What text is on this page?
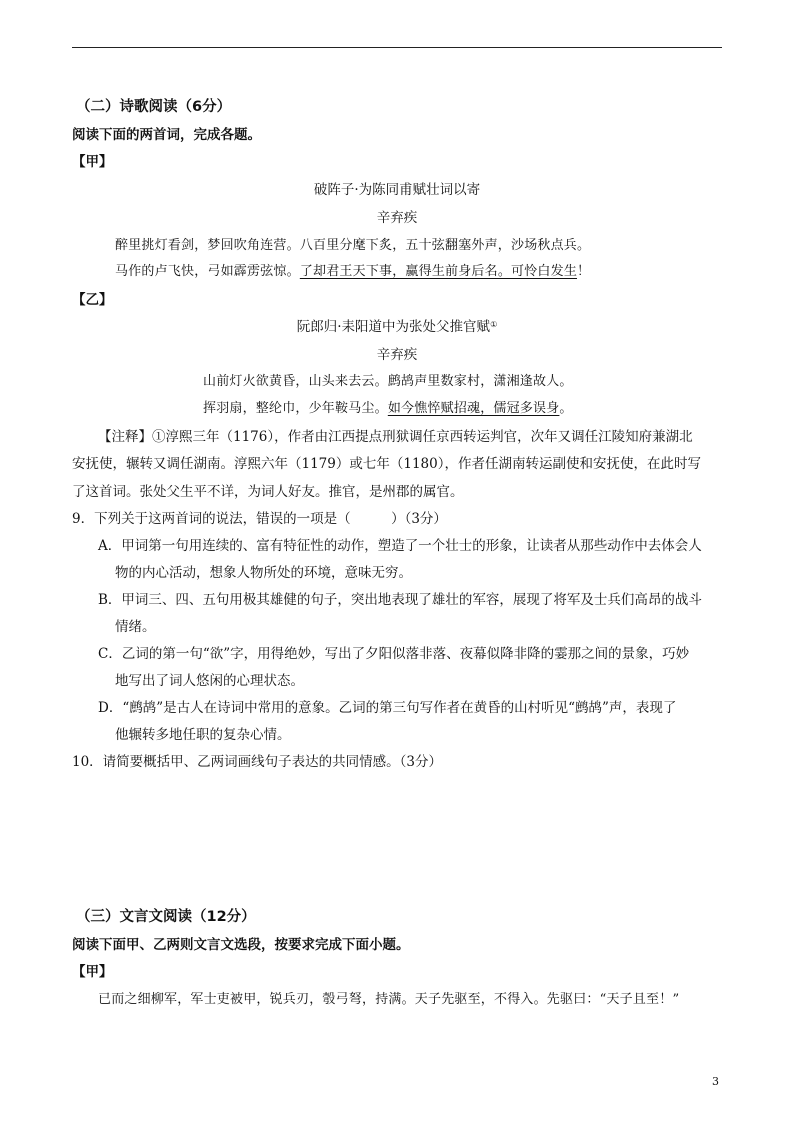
（二）诗歌阅读（6分）
阅读下面的两首词，完成各题。
【甲】
破阵子·为陈同甫赋壮词以寄
辛弃疾
醉里挑灯看剑，梦回吹角连营。八百里分麾下炙，五十弦翻塞外声，沙场秋点兵。
马作的卢飞快，弓如霹雳弦惊。了却君王天下事，赢得生前身后名。可怜白发生！
【乙】
阮郎归·耒阳道中为张处父推官赋①
辛弃疾
山前灯火欲黄昏，山头来去云。鹧鸪声里数家村，潇湘逢故人。
挥羽扇，整纶巾，少年鞍马尘。如今憔悴赋招魂，儒冠多误身。
【注释】①淳熙三年（1176），作者由江西提点刑狱调任京西转运判官，次年又调任江陵知府兼湖北
安抚使，辗转又调任湖南。淳熙六年（1179）或七年（1180），作者任湖南转运副使和安抚使，在此时写
了这首词。张处父生平不详，为词人好友。推官，是州郡的属官。
9．下列关于这两首词的说法，错误的一项是（　　　）（3分）
A．甲词第一句用连续的、富有特征性的动作，塑造了一个壮士的形象，让读者从那些动作中去体会人
物的内心活动，想象人物所处的环境，意味无穷。
B．甲词三、四、五句用极其雄健的句子，突出地表现了雄壮的军容，展现了将军及士兵们高昂的战斗
情绪。
C．乙词的第一句“欲”字，用得绝妙，写出了夕阳似落非落、夜幕似降非降的霎那之间的景象，巧妙
地写出了词人悠闲的心理状态。
D．“鹧鸪”是古人在诗词中常用的意象。乙词的第三句写作者在黄昏的山村听见“鹧鸪”声，表现了
他辗转多地任职的复杂心情。
10．请简要概括甲、乙两词画线句子表达的共同情感。（3分）
（三）文言文阅读（12分）
阅读下面甲、乙两则文言文选段，按要求完成下面小题。
【甲】
已而之细柳军，军士吏被甲，锐兵刃，彀弓弩，持满。天子先驱至，不得入。先驱曰：“天子且至！”
3
